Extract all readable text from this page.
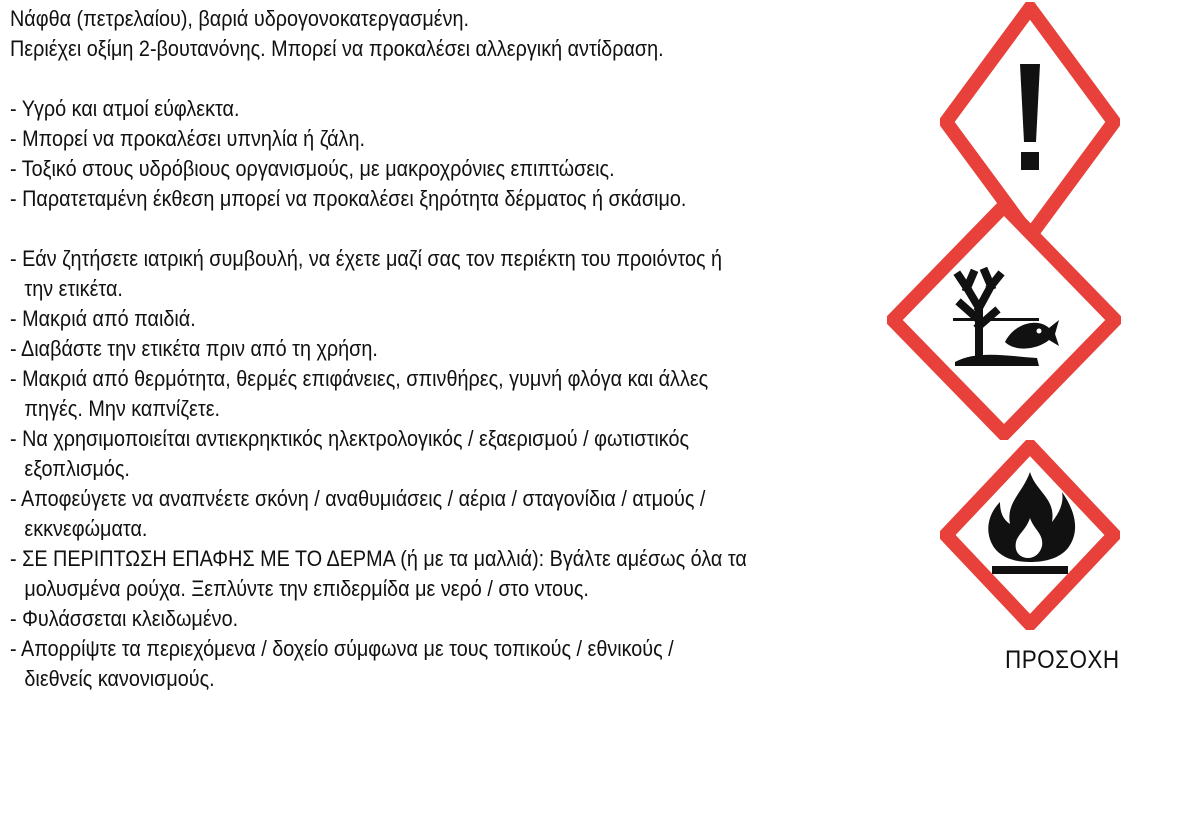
Νάφθα (πετρελαίου), βαριά υδρογονοκατεργασμένη.

Περιέχει οξίμη 2-βουτανόνης. Μπορεί να προκαλέσει αλλεργική αντίδραση.

- Υγρό και ατμοί εύφλεκτα.

- Μπορεί να προκαλέσει υπνηλία ή ζάλη.

- Τοξικό στους υδρόβιους οργανισμούς, με μακροχρόνιες επιπτώσεις.

- Παρατεταμένη έκθεση μπορεί να προκαλέσει ξηρότητα δέρματος ή σκάσιμο.

- Εάν ζητήσετε ιατρική συμβουλή, να έχετε μαζί σας τον περιέκτη του προιόντος ή
την ετικέτα.
- Μακριά από παιδιά.
- Διαβάστε την ετικέτα πριν από τη χρήση.
- Μακριά από θερμότητα, θερμές επιφάνειες, σπινθήρες, γυμνή φλόγα και άλλες
πηγές. Μην καπνίζετε.
- Να χρησιμοποιείται αντιεκρηκτικός ηλεκτρολογικός / εξαερισμού / φωτιστικός
εξοπλισμός.
- Αποφεύγετε να αναπνέετε σκόνη / αναθυμιάσεις / αέρια / σταγονίδια / ατμούς /
εκκνεφώματα.
- ΣΕ ΠΕΡΙΠΤΩΣΗ ΕΠΑΦΗΣ ΜΕ ΤΟ ΔΕΡΜΑ (ή με τα μαλλιά): Βγάλτε αμέσως όλα τα
μολυσμένα ρούχα. Ξεπλύντε την επιδερμίδα με νερό / στο ντους.
- Φυλάσσεται κλειδωμένο.
- Απορρίψτε τα περιεχόμενα / δοχείο σύμφωνα με τους τοπικούς / εθνικούς /
διεθνείς κανονισμούς.
ΠΡΟΣΟΧΗ
